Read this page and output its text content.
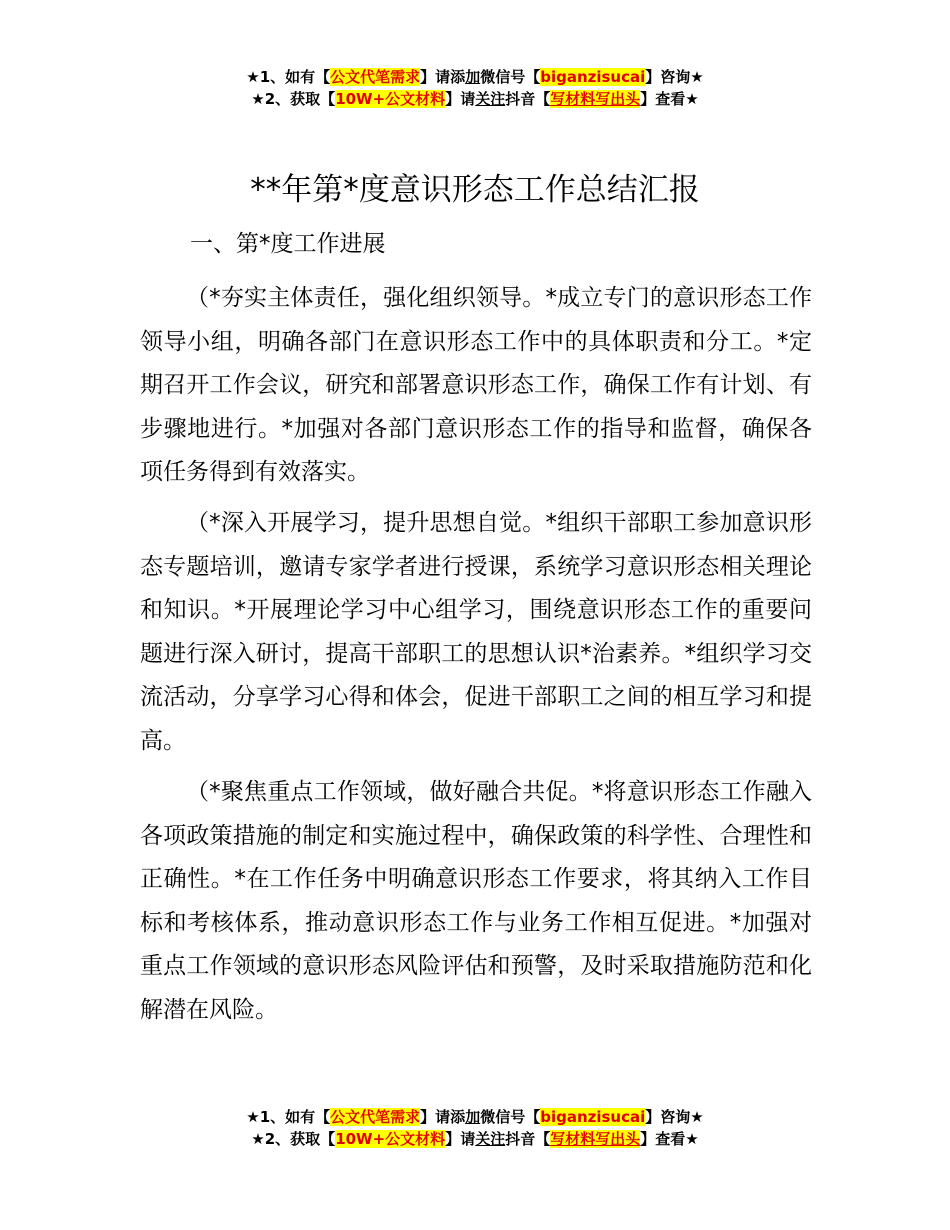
★1、如有【公文代笔需求】请添加微信号【biganzisucai】咨询★
★2、获取【10W+公文材料】请关注抖音【写材料写出头】查看★
**年第*度意识形态工作总结汇报
一、第*度工作进展
（*夯实主体责任，强化组织领导。*成立专门的意识形态工作领导小组，明确各部门在意识形态工作中的具体职责和分工。*定期召开工作会议，研究和部署意识形态工作，确保工作有计划、有步骤地进行。*加强对各部门意识形态工作的指导和监督，确保各项任务得到有效落实。
（*深入开展学习，提升思想自觉。*组织干部职工参加意识形态专题培训，邀请专家学者进行授课，系统学习意识形态相关理论和知识。*开展理论学习中心组学习，围绕意识形态工作的重要问题进行深入研讨，提高干部职工的思想认识*治素养。*组织学习交流活动，分享学习心得和体会，促进干部职工之间的相互学习和提高。
（*聚焦重点工作领域，做好融合共促。*将意识形态工作融入各项政策措施的制定和实施过程中，确保政策的科学性、合理性和正确性。*在工作任务中明确意识形态工作要求，将其纳入工作目标和考核体系，推动意识形态工作与业务工作相互促进。*加强对重点工作领域的意识形态风险评估和预警，及时采取措施防范和化解潜在风险。
★1、如有【公文代笔需求】请添加微信号【biganzisucai】咨询★
★2、获取【10W+公文材料】请关注抖音【写材料写出头】查看★
